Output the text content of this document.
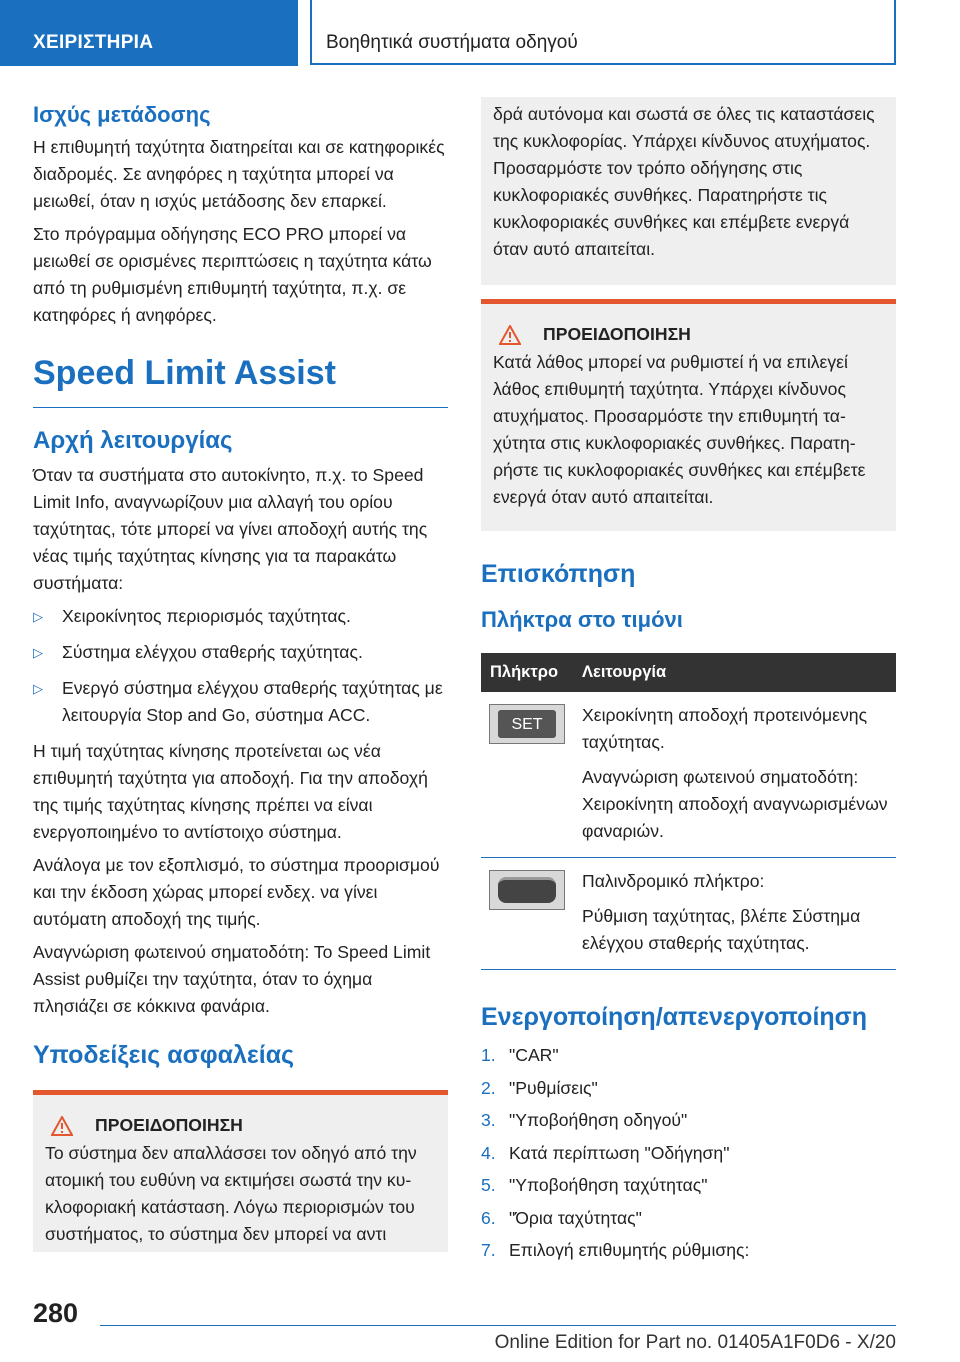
ΧΕΙΡΙΣΤΗΡΙΑ	Βοηθητικά συστήματα οδηγού
Ισχύς μετάδοσης

Η επιθυμητή ταχύτητα διατηρείται και σε κατηφορικές διαδρομές. Σε ανηφόρες η ταχύτητα μπορεί να μειωθεί, όταν η ισχύς μετάδοσης δεν επαρκεί.

Στο πρόγραμμα οδήγησης ECO PRO μπορεί να μειωθεί σε ορισμένες περιπτώσεις η ταχύτητα κάτω από τη ρυθμισμένη επιθυμητή ταχύτητα, π.χ. σε κατηφόρες ή ανηφόρες.

Speed Limit Assist
Αρχή λειτουργίας

Όταν τα συστήματα στο αυτοκίνητο, π.χ. το Speed Limit Info, αναγνωρίζουν μια αλλαγή του ορίου ταχύτητας, τότε μπορεί να γίνει αποδοχή αυτής της νέας τιμής ταχύτητας κίνησης για τα παρακάτω συστήματα:

▷ Χειροκίνητος περιορισμός ταχύτητας.
▷ Σύστημα ελέγχου σταθερής ταχύτητας.
▷ Ενεργό σύστημα ελέγχου σταθερής ταχύτητας με λειτουργία Stop and Go, σύστημα ACC.

Η τιμή ταχύτητας κίνησης προτείνεται ως νέα επιθυμητή ταχύτητα για αποδοχή. Για την αποδοχή της τιμής ταχύτητας κίνησης πρέπει να είναι ενεργοποιημένο το αντίστοιχο σύστημα.

Ανάλογα με τον εξοπλισμό, το σύστημα προορισμού και την έκδοση χώρας μπορεί ενδεχ. να γίνει αυτόματη αποδοχή της τιμής.

Αναγνώριση φωτεινού σηματοδότη: Το Speed Limit Assist ρυθμίζει την ταχύτητα, όταν το όχημα πλησιάζει σε κόκκινα φανάρια.

Υποδείξεις ασφαλείας
ΠΡΟΕΙΔΟΠΟΙΗΣΗ
Το σύστημα δεν απαλλάσσει τον οδηγό από την ατομική του ευθύνη να εκτιμήσει σωστά την κυκλοφοριακή κατάσταση. Λόγω περιορισμών του συστήματος, το σύστημα δεν μπορεί να αντι
δρά αυτόνομα και σωστά σε όλες τις καταστάσεις της κυκλοφορίας. Υπάρχει κίνδυνος ατυχήματος. Προσαρμόστε τον τρόπο οδήγησης στις κυκλοφοριακές συνθήκες. Παρατηρήστε τις κυκλοφοριακές συνθήκες και επέμβετε ενεργά όταν αυτό απαιτείται.
ΠΡΟΕΙΔΟΠΟΙΗΣΗ
Κατά λάθος μπορεί να ρυθμιστεί ή να επιλεγεί λάθος επιθυμητή ταχύτητα. Υπάρχει κίνδυνος ατυχήματος. Προσαρμόστε την επιθυμητή ταχύτητα στις κυκλοφοριακές συνθήκες. Παρατηρήστε τις κυκλοφοριακές συνθήκες και επέμβετε ενεργά όταν αυτό απαιτείται.
Επισκόπηση
Πλήκτρα στο τιμόνι
Πλήκτρο	Λειτουργία

SET	Χειροκίνητη αποδοχή προτεινόμενης ταχύτητας.

Αναγνώριση φωτεινού σηματοδότη: Χειροκίνητη αποδοχή αναγνωρισμένων φαναριών.

	Παλινδρομικό πλήκτρο:

Ρύθμιση ταχύτητας, βλέπε Σύστημα ελέγχου σταθερής ταχύτητας.

Ενεργοποίηση/απενεργοποίηση
1. "CAR"
2. "Ρυθμίσεις"
3. "Υποβοήθηση οδηγού"
4. Κατά περίπτωση "Οδήγηση"
5. "Υποβοήθηση ταχύτητας"
6. "Όρια ταχύτητας"
7. Επιλογή επιθυμητής ρύθμισης:
280
Online Edition for Part no. 01405A1F0D6 - X/20
